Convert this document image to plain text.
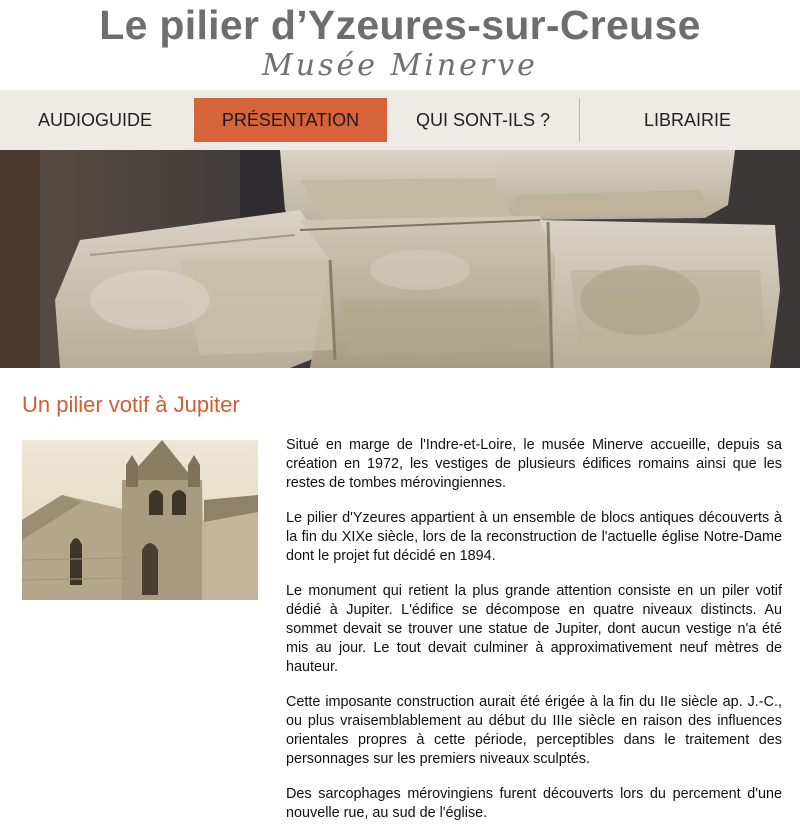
Le pilier d’Yzeures-sur-Creuse
Musée Minerve
AUDIOGUIDE	PRÉSENTATION	QUI SONT-ILS ?	LIBRAIRIE
Un pilier votif à Jupiter

Situé en marge de l'Indre-et-Loire, le musée Minerve accueille, depuis sa création en 1972, les vestiges de plusieurs édifices romains ainsi que les restes de tombes mérovingiennes.

Le pilier d'Yzeures appartient à un ensemble de blocs antiques découverts à la fin du XIXe siècle, lors de la reconstruction de l'actuelle église Notre-Dame dont le projet fut décidé en 1894.

Le monument qui retient la plus grande attention consiste en un piler votif dédié à Jupiter. L'édifice se décompose en quatre niveaux distincts. Au sommet devait se trouver une statue de Jupiter, dont aucun vestige n'a été mis au jour. Le tout devait culminer à approximativement neuf mètres de hauteur.

Cette imposante construction aurait été érigée à la fin du IIe siècle ap. J.-C., ou plus vraisemblablement au début du IIIe siècle en raison des influences orientales propres à cette période, perceptibles dans le traitement des personnages sur les premiers niveaux sculptés.

Des sarcophages mérovingiens furent découverts lors du percement d'une nouvelle rue, au sud de l'église.
